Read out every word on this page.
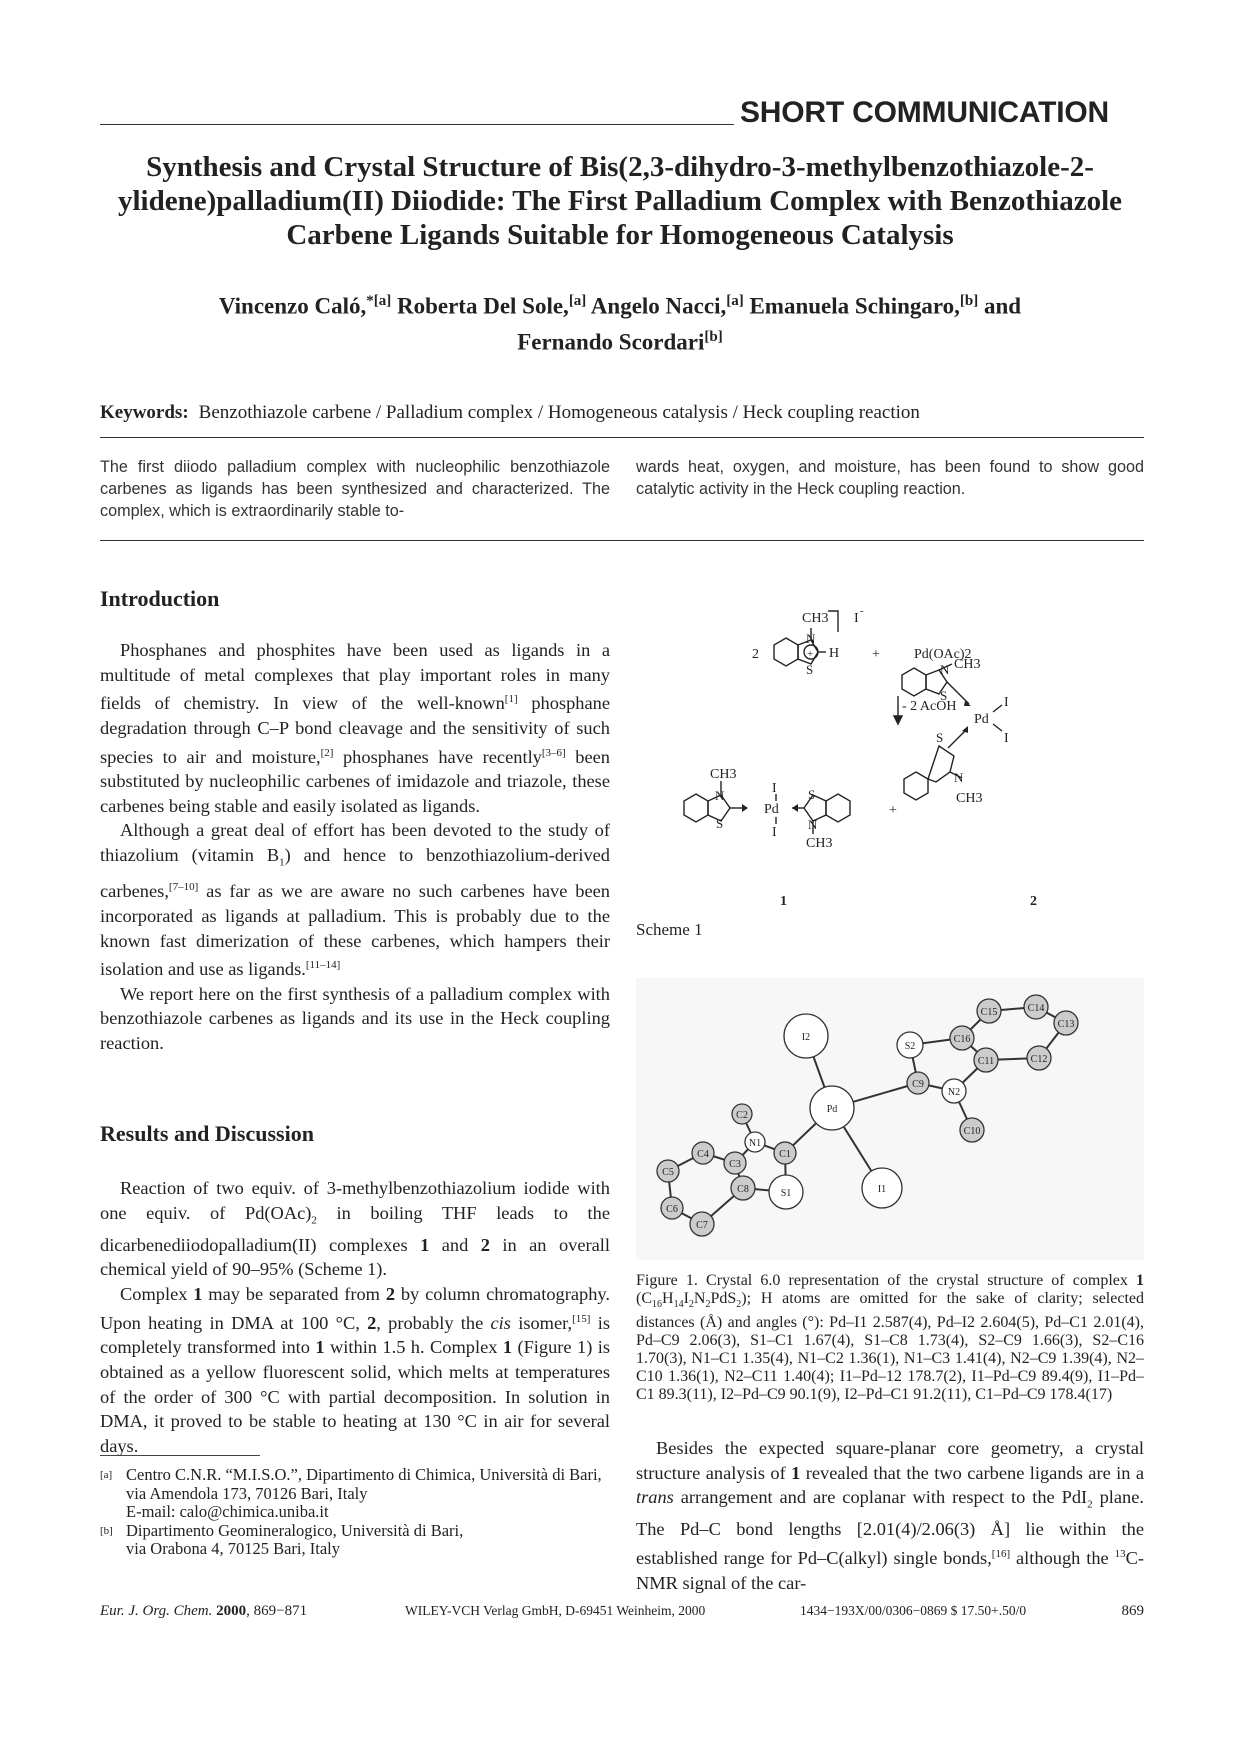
SHORT COMMUNICATION
Synthesis and Crystal Structure of Bis(2,3-dihydro-3-methylbenzothiazole-2-ylidene)palladium(II) Diiodide: The First Palladium Complex with Benzothiazole Carbene Ligands Suitable for Homogeneous Catalysis
Vincenzo Caló,$^{*[a]}$ Roberta Del Sole,[a] Angelo Nacci,[a] Emanuela Schingaro,[b] and
Fernando Scordari[b]
Keywords: Benzothiazole carbene / Palladium complex / Homogeneous catalysis / Heck coupling reaction
The first diiodo palladium complex with nucleophilic benzothiazole carbenes as ligands has been synthesized and characterized. The complex, which is extraordinarily stable to-
wards heat, oxygen, and moisture, has been found to show good catalytic activity in the Heck coupling reaction.
Introduction

Phosphanes and phosphites have been used as ligands in a multitude of metal complexes that play important roles in many fields of chemistry. In view of the well-known[1] phosphane degradation through C–P bond cleavage and the sensitivity of such species to air and moisture,[2] phosphanes have recently[3–6] been substituted by nucleophilic carbenes of imidazole and triazole, these carbenes being stable and easily isolated as ligands.

Although a great deal of effort has been devoted to the study of thiazolium (vitamin $B_1$) and hence to benzothiazolium-derived carbenes,[7–10] as far as we are aware no such carbenes have been incorporated as ligands at palladium. This is probably due to the known fast dimerization of these carbenes, which hampers their isolation and use as ligands.[11–14]

We report here on the first synthesis of a palladium complex with benzothiazole carbenes as ligands and its use in the Heck coupling reaction.

Results and Discussion

Reaction of two equiv. of 3-methylbenzothiazolium iodide with one equiv. of $Pd(OAc)_2$ in boiling THF leads to the dicarbenediiodopalladium(II) complexes 1 and 2 in an overall chemical yield of 90–95% (Scheme 1).

Complex 1 may be separated from 2 by column chromatography. Upon heating in DMA at 100 °C, 2, probably the cis isomer,[15] is completely transformed into 1 within 1.5 h. Complex 1 (Figure 1) is obtained as a yellow fluorescent solid, which melts at temperatures of the order of 300 °C with partial decomposition. In solution in DMA, it proved to be stable to heating at 130 °C in air for several days.

[a] Centro C.N.R. “M.I.S.O.”, Dipartimento di Chimica, Università di Bari,
via Amendola 173, 70126 Bari, Italy
E-mail: calo@chimica.uniba.it
[b] Dipartimento Geomineralogico, Università di Bari,
via Orabona 4, 70125 Bari, Italy
2
CH3
N
+
S
H
I -
+ Pd(OAc)2
- 2 AcOH
CH3
N
S
I
Pd
I
S
N
CH3
+
CH3
N
S
Pd
I
I
S
N
CH3
1	2
Scheme 1
I2
S2
C15	C14
C13
C16
C11	C12
C9
N2
C10
Pd
C2
N1
C1
C4
C3
C5
C8	S1	I1
C6
C7
Figure 1. Crystal 6.0 representation of the crystal structure of complex 1 $(C_{16}H_{14}I_2N_2PdS_2)$; H atoms are omitted for the sake of clarity; selected distances (Å) and angles (°): Pd–I1 2.587(4), Pd–I2 2.604(5), Pd–C1 2.01(4), Pd–C9 2.06(3), S1–C1 1.67(4), S1–C8 1.73(4), S2–C9 1.66(3), S2–C16 1.70(3), N1–C1 1.35(4), N1–C2 1.36(1), N1–C3 1.41(4), N2–C9 1.39(4), N2–C10 1.36(1), N2–C11 1.40(4); I1–Pd–12 178.7(2), I1–Pd–C9 89.4(9), I1–Pd–C1 89.3(11), I2–Pd–C9 90.1(9), I2–Pd–C1 91.2(11), C1–Pd–C9 178.4(17)

Besides the expected square-planar core geometry, a crystal structure analysis of 1 revealed that the two carbene ligands are in a trans arrangement and are coplanar with respect to the PdI$_2$ plane. The Pd–C bond lengths [2.01(4)/2.06(3) Å] lie within the established range for Pd–C(alkyl) single bonds,[16] although the $^{13}$C-NMR signal of the car-

Eur. J. Org. Chem. 2000, 869−871	WILEY-VCH Verlag GmbH, D-69451 Weinheim, 2000	1434−193X/00/0306−0869 $ 17.50+.50/0	869
